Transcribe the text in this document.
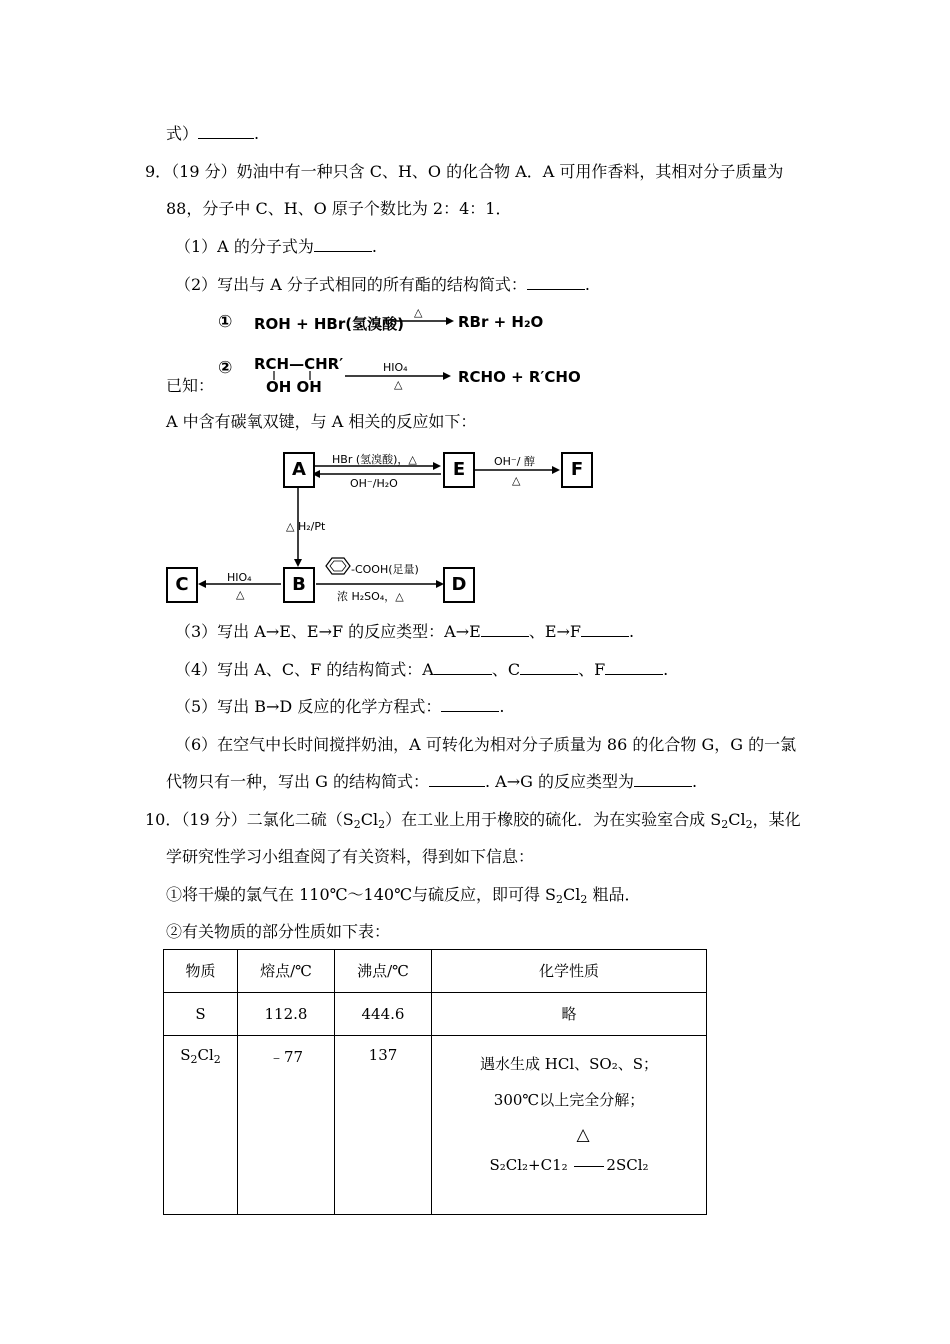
式）	.
9．（19 分）奶油中有一种只含 C、H、O 的化合物 A．A 可用作香料，其相对分子质量为
88，分子中 C、H、O 原子个数比为 2：4：1．
（1）A 的分子式为	.
（2）写出与 A 分子式相同的所有酯的结构简式：	.
① ROH + HBr(氢溴酸)
△
RBr + H₂O
② RCH—CHR′
OH OH
HIO₄
△	RCHO + R′CHO
已知：
A 中含有碳氧双键，与 A 相关的反应如下：
A	E	F
B
C	D
HBr (氢溴酸)，△
OH⁻/H₂O
OH⁻/ 醇
△
△ H₂/Pt
HIO₄
△
-COOH(足量)
浓 H₂SO₄，△
（3）写出 A→E、E→F 的反应类型：A→E	、E→F	.
（4）写出 A、C、F 的结构简式：A	、C	、F	.
（5）写出 B→D 反应的化学方程式：	.
（6）在空气中长时间搅拌奶油，A 可转化为相对分子质量为 86 的化合物 G，G 的一氯
代物只有一种，写出 G 的结构简式：	. A→G 的反应类型为	.
10．（19 分）二氯化二硫$(S_2Cl_2)$在工业上用于橡胶的硫化．为在实验室合成 $S_2Cl_2$，某化
学研究性学习小组查阅了有关资料，得到如下信息：
①将干燥的氯气在 110℃～140℃与硫反应，即可得 $S_2Cl_2$ 粗品．
②有关物质的部分性质如下表：
物质	熔点/℃	沸点/℃	化学性质
S	112.8	444.6	略
$S_2Cl_2$	﹣77	137	遇水生成 HCl、SO₂、S；
300℃以上完全分解；
△
S₂Cl₂+C1₂ 2SCl₂
